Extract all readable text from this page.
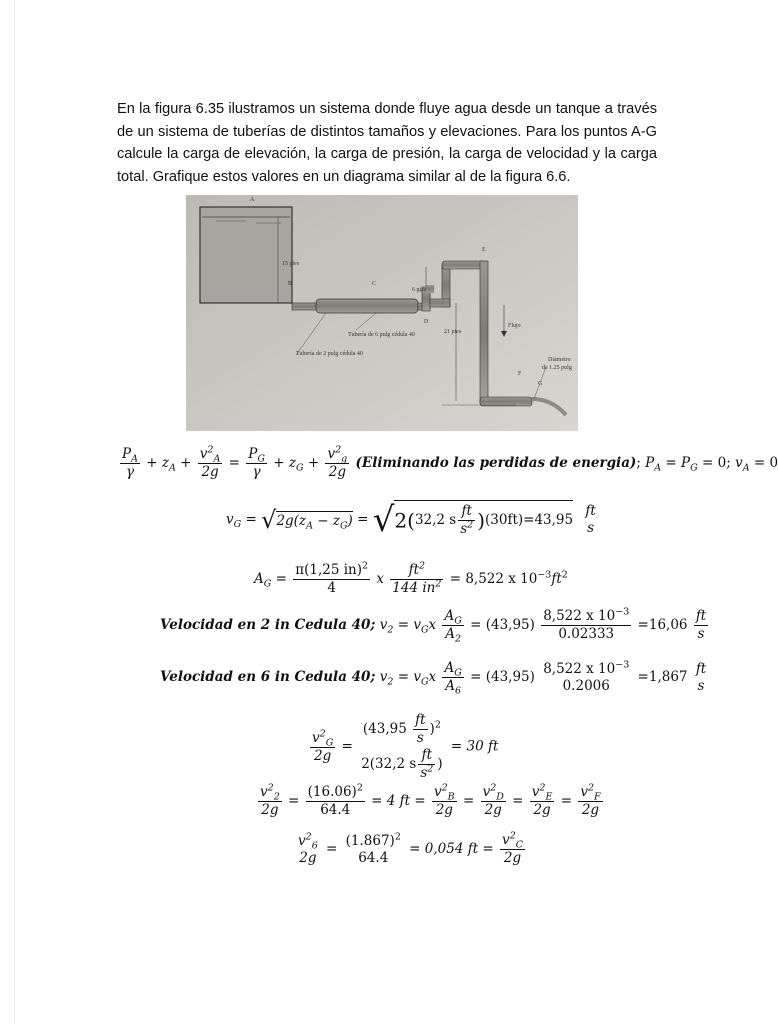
En la figura 6.35 ilustramos un sistema donde fluye agua desde un tanque a través de un sistema de tuberías de distintos tamaños y elevaciones. Para los puntos A-G calcule la carga de elevación, la carga de presión, la carga de velocidad y la carga total. Grafique estos valores en un diagrama similar al de la figura 6.6.

15 pies
6 pies
21 pies
Flujo
Tubería de 6 pulg cédula 40
Tubería de 2 pulg cédula 40
Diámetro
de 1.25 pulg
A
B	C
D
E
F
G
$\frac{P_A}{\gamma} + z_A + \frac{v^2_A}{2g} = \frac{P_G}{\gamma} + z_G + \frac{v^2_g}{2g}$ (Eliminando las perdidas de energia); $P_A = P_G = 0$; $v_A = 0$
$v_G = √2g(z_A - z_G) = √2(32,2$ s $\frac{ft}{s^2} )(30ft)=43,95$
ft
s
$A_G = \frac{\pi(1,25 in)^2}{4}$ x $\frac{ft^2}{144 in^2} = 8,522$ x $10^{-3}ft^2$
Velocidad en 2 in Cedula 40; $v_2 = v_Gx \frac{A_G}{A_2} = (43,95) \frac{8,522 x 10^{-3}}{0.02333} =16,06 \frac{ft}{s}$
Velocidad en 6 in Cedula 40; $v_2 = v_Gx \frac{A_G}{A_6} = (43,95)$
8,522 x $10^{-3}$
0.2006
=1,867
ft
s
$\frac{v^2_G}{2g}$ =
$(43,95 \frac{ft}{s} )^2$
2(32,2 s $\frac{ft}{s^2}$ )
= 30 ft
$\frac{v^2_2}{2g} = \frac{(16.06)^2}{64.4} = 4$ ft = $\frac{v^2_B}{2g} = \frac{v^2_D}{2g} = \frac{v^2_E}{2g} = \frac{v^2_F}{2g}$
$v^2_6$
2g
=
$(1.867)^2$
64.4
= 0,054 ft = $\frac{v^2_C}{2g}$
